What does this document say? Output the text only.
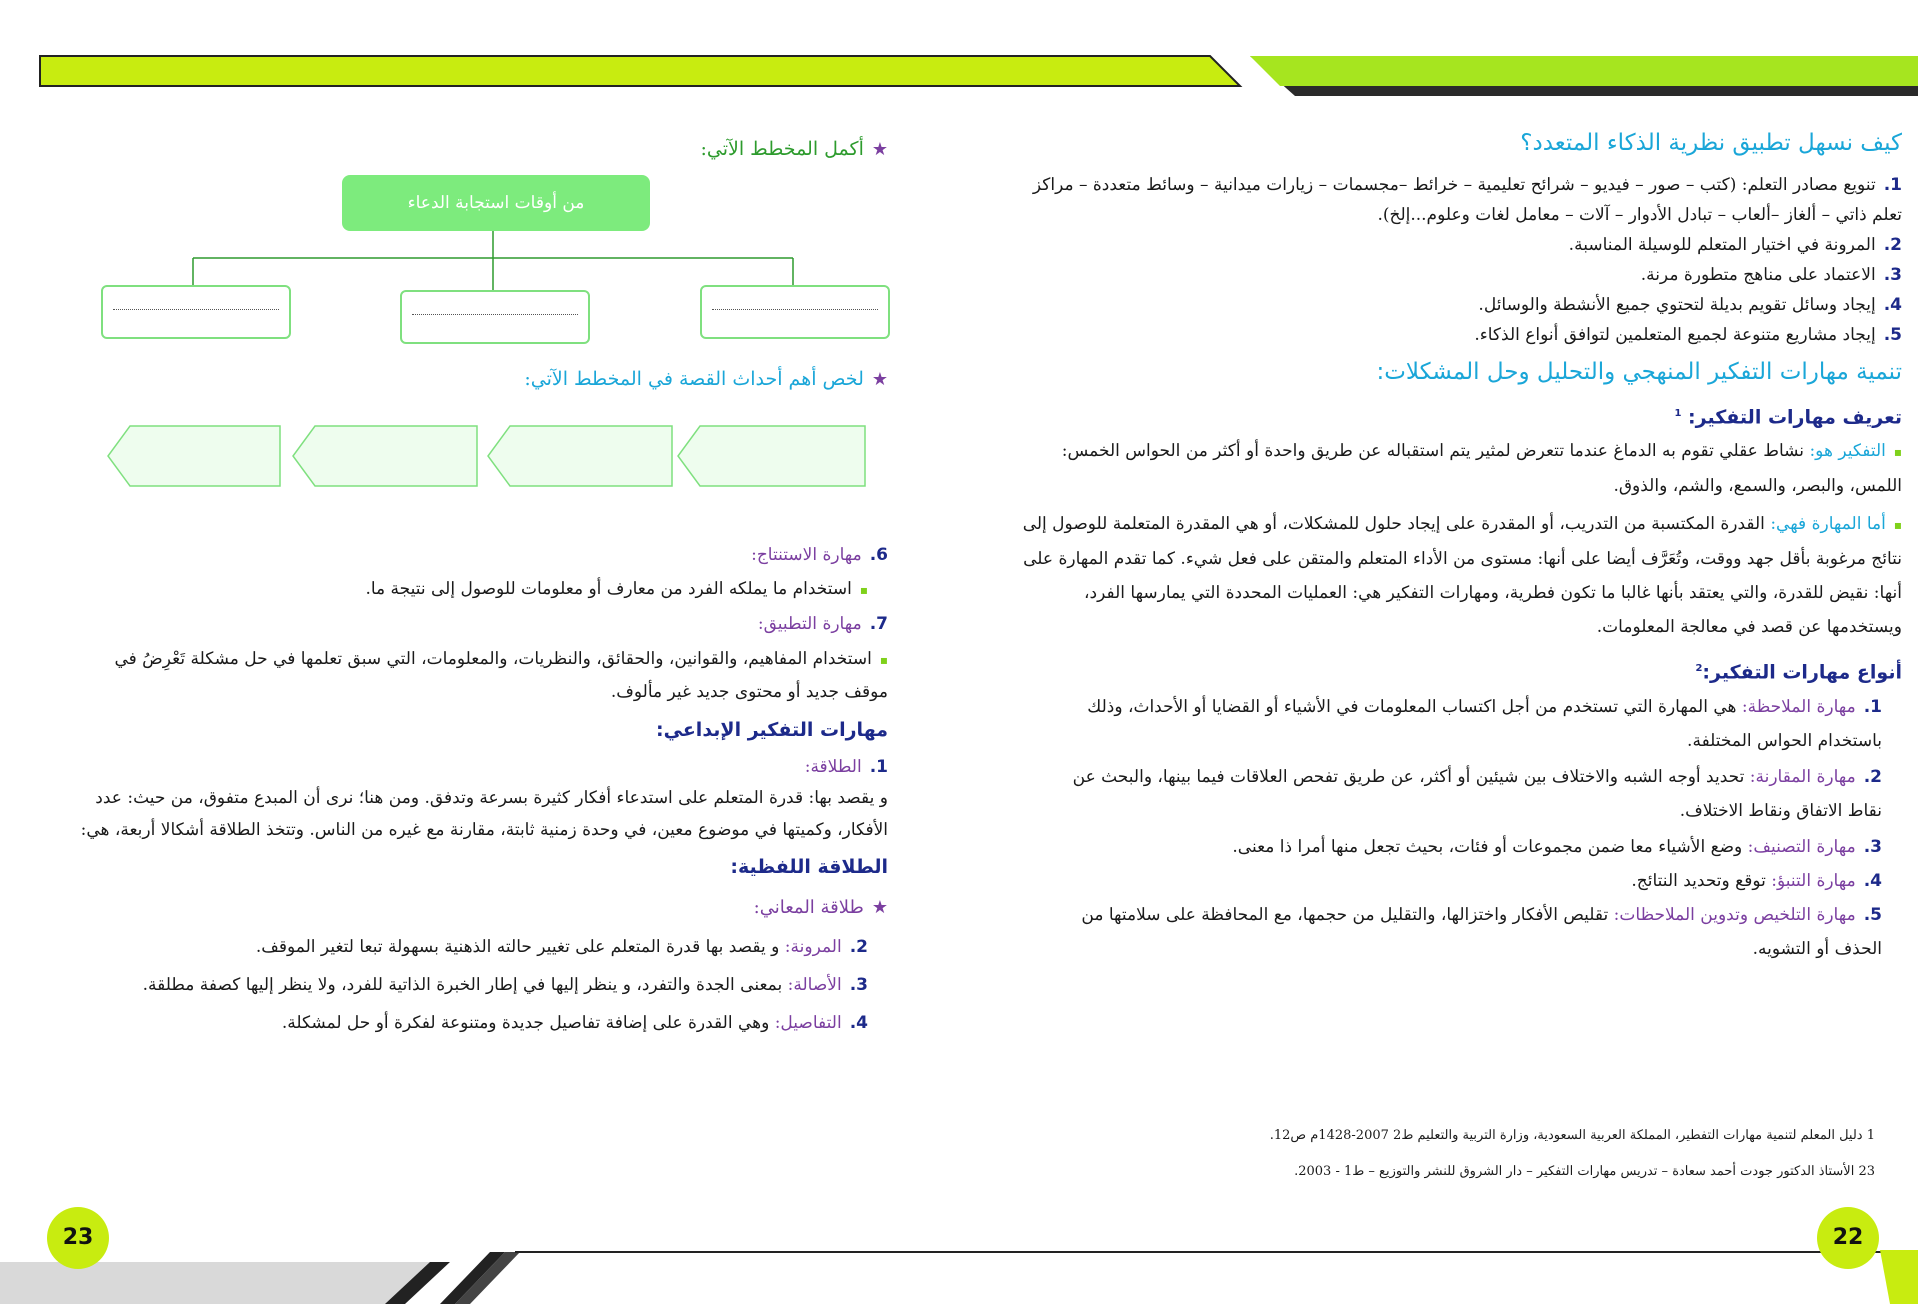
22
23
كيف نسهل تطبيق نظرية الذكاء المتعدد؟
1.تنويع مصادر التعلم: (كتب – صور – فيديو – شرائح تعليمية – خرائط –مجسمات – زيارات ميدانية – وسائط متعددة – مراكز تعلم ذاتي – ألغاز –ألعاب – تبادل الأدوار – آلات – معامل لغات وعلوم...إلخ).
2.المرونة في اختيار المتعلم للوسيلة المناسبة.
3.الاعتماد على مناهج متطورة مرنة.
4.إيجاد وسائل تقويم بديلة لتحتوي جميع الأنشطة والوسائل.
5.إيجاد مشاريع متنوعة لجميع المتعلمين لتوافق أنواع الذكاء.
تنمية مهارات التفكير المنهجي والتحليل وحل المشكلات:
تعريف مهارات التفكير: $^1$
▪التفكير هو: نشاط عقلي تقوم به الدماغ عندما تتعرض لمثير يتم استقباله عن طريق واحدة أو أكثر من الحواس الخمس: اللمس، والبصر، والسمع، والشم، والذوق.
▪أما المهارة فهي: القدرة المكتسبة من التدريب، أو المقدرة على إيجاد حلول للمشكلات، أو هي المقدرة المتعلمة للوصول إلى نتائج مرغوبة بأقل جهد ووقت، وتُعَرَّف أيضا على أنها: مستوى من الأداء المتعلم والمتقن على فعل شيء. كما تقدم المهارة على أنها: نقيض للقدرة، والتي يعتقد بأنها غالبا ما تكون فطرية، ومهارات التفكير هي: العمليات المحددة التي يمارسها الفرد، ويستخدمها عن قصد في معالجة المعلومات.
أنواع مهارات التفكير:$^2$
1.مهارة الملاحظة: هي المهارة التي تستخدم من أجل اكتساب المعلومات في الأشياء أو القضايا أو الأحداث، وذلك باستخدام الحواس المختلفة.
2.مهارة المقارنة: تحديد أوجه الشبه والاختلاف بين شيئين أو أكثر، عن طريق تفحص العلاقات فيما بينها، والبحث عن نقاط الاتفاق ونقاط الاختلاف.
3.مهارة التصنيف: وضع الأشياء معا ضمن مجموعات أو فئات، بحيث تجعل منها أمرا ذا معنى.
4.مهارة التنبؤ: توقع وتحديد النتائج.
5.مهارة التلخيص وتدوين الملاحظات: تقليص الأفكار واختزالها، والتقليل من حجمها، مع المحافظة على سلامتها من الحذف أو التشويه.
1 دليل المعلم لتنمية مهارات التفطير، المملكة العربية السعودية، وزارة التربية والتعليم ط2 2007-1428م ص12.
23 الأستاذ الدكتور جودت أحمد سعادة – تدريس مهارات التفكير – دار الشروق للنشر والتوزيع – ط1 - 2003.
★أكمل المخطط الآتي:
من أوقات استجابة الدعاء
★لخص أهم أحداث القصة في المخطط الآتي:
6.مهارة الاستنتاج:
▪استخدام ما يملكه الفرد من معارف أو معلومات للوصول إلى نتيجة ما.
7.مهارة التطبيق:
▪استخدام المفاهيم، والقوانين، والحقائق، والنظريات، والمعلومات، التي سبق تعلمها في حل مشكلة تَعْرِضُ في موقف جديد أو محتوى جديد غير مألوف.
مهارات التفكير الإبداعي:
1.الطلاقة:
و يقصد بها: قدرة المتعلم على استدعاء أفكار كثيرة بسرعة وتدفق. ومن هنا؛ نرى أن المبدع متفوق، من حيث: عدد الأفكار، وكميتها في موضوع معين، في وحدة زمنية ثابتة، مقارنة مع غيره من الناس. وتتخذ الطلاقة أشكالا أربعة، هي:
الطلاقة اللفظية:
★طلاقة المعاني:
2.المرونة: و يقصد بها قدرة المتعلم على تغيير حالته الذهنية بسهولة تبعا لتغير الموقف.
3.الأصالة: بمعنى الجدة والتفرد، و ينظر إليها في إطار الخبرة الذاتية للفرد، ولا ينظر إليها كصفة مطلقة.
4.التفاصيل: وهي القدرة على إضافة تفاصيل جديدة ومتنوعة لفكرة أو حل لمشكلة.
